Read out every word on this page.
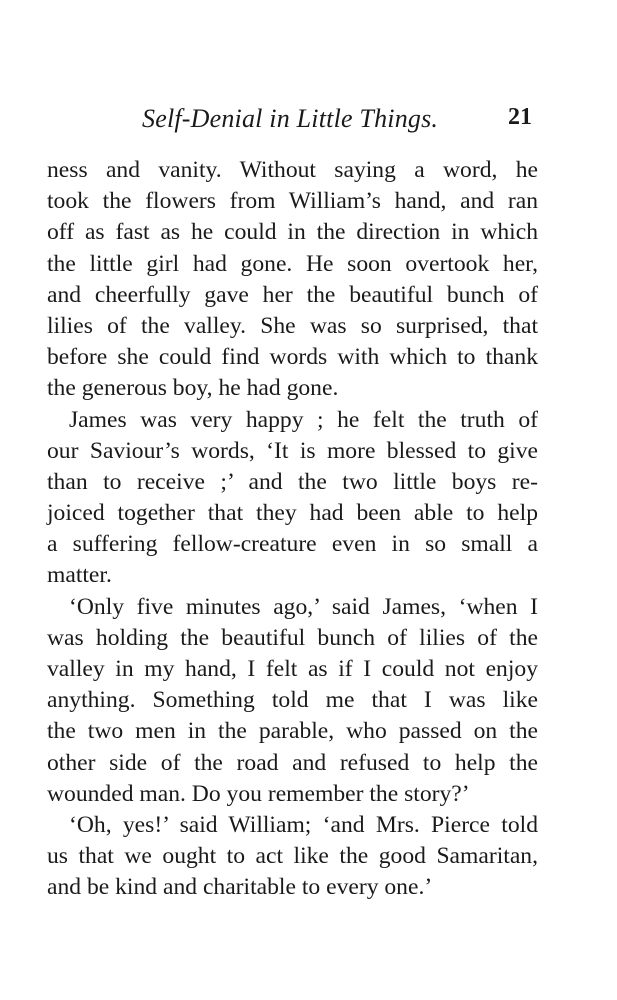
Self-Denial in Little Things.	21
ness and vanity. Without saying a word, he
took the flowers from William’s hand, and ran
off as fast as he could in the direction in which
the little girl had gone. He soon overtook her,
and cheerfully gave her the beautiful bunch of
lilies of the valley. She was so surprised, that
before she could find words with which to thank
the generous boy, he had gone.
James was very happy ; he felt the truth of
our Saviour’s words, ‘It is more blessed to give
than to receive ;’ and the two little boys re-
joiced together that they had been able to help
a suffering fellow-creature even in so small a
matter.
‘Only five minutes ago,’ said James, ‘when I
was holding the beautiful bunch of lilies of the
valley in my hand, I felt as if I could not enjoy
anything. Something told me that I was like
the two men in the parable, who passed on the
other side of the road and refused to help the
wounded man. Do you remember the story?’
‘Oh, yes!’ said William; ‘and Mrs. Pierce told
us that we ought to act like the good Samaritan,
and be kind and charitable to every one.’
